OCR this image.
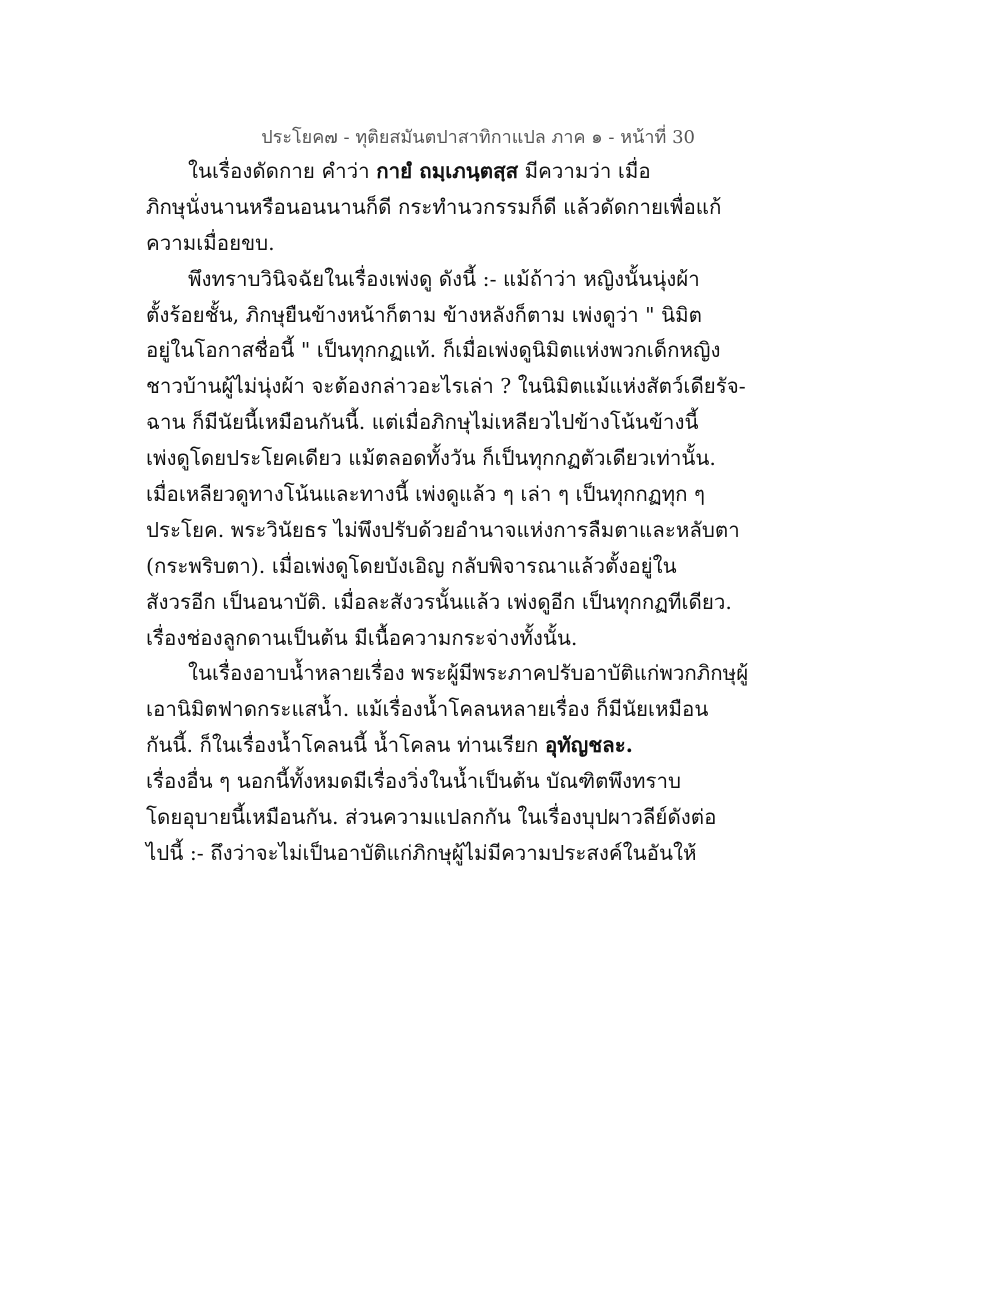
ประโยค๗ - ทุติยสมันตปาสาทิกาแปล ภาค ๑ - หน้าที่ 30
ในเรื่องดัดกาย คำว่า กายํ ถมฺเภนฺตสฺส มีความว่า เมื่อ
ภิกษุนั่งนานหรือนอนนานก็ดี กระทำนวกรรมก็ดี แล้วดัดกายเพื่อแก้
ความเมื่อยขบ.
พึงทราบวินิจฉัยในเรื่องเพ่งดู ดังนี้ :- แม้ถ้าว่า หญิงนั้นนุ่งผ้า
ตั้งร้อยชั้น, ภิกษุยืนข้างหน้าก็ตาม ข้างหลังก็ตาม เพ่งดูว่า " นิมิต
อยู่ในโอกาสชื่อนี้ " เป็นทุกกฏแท้. ก็เมื่อเพ่งดูนิมิตแห่งพวกเด็กหญิง
ชาวบ้านผู้ไม่นุ่งผ้า จะต้องกล่าวอะไรเล่า ? ในนิมิตแม้แห่งสัตว์เดียรัจ-
ฉาน ก็มีนัยนี้เหมือนกันนี้. แต่เมื่อภิกษุไม่เหลียวไปข้างโน้นข้างนี้
เพ่งดูโดยประโยคเดียว แม้ตลอดทั้งวัน ก็เป็นทุกกฏตัวเดียวเท่านั้น.
เมื่อเหลียวดูทางโน้นและทางนี้ เพ่งดูแล้ว ๆ เล่า ๆ เป็นทุกกฏทุก ๆ
ประโยค. พระวินัยธร ไม่พึงปรับด้วยอำนาจแห่งการลืมตาและหลับตา
(กระพริบตา). เมื่อเพ่งดูโดยบังเอิญ กลับพิจารณาแล้วตั้งอยู่ใน
สังวรอีก เป็นอนาบัติ. เมื่อละสังวรนั้นแล้ว เพ่งดูอีก เป็นทุกกฏทีเดียว.
เรื่องช่องลูกดานเป็นต้น มีเนื้อความกระจ่างทั้งนั้น.
ในเรื่องอาบน้ำหลายเรื่อง พระผู้มีพระภาคปรับอาบัติแก่พวกภิกษุผู้
เอานิมิตฟาดกระแสน้ำ. แม้เรื่องน้ำโคลนหลายเรื่อง ก็มีนัยเหมือน
กันนี้. ก็ในเรื่องน้ำโคลนนี้ น้ำโคลน ท่านเรียก อุทัญชละ.
เรื่องอื่น ๆ นอกนี้ทั้งหมดมีเรื่องวิ่งในน้ำเป็นต้น บัณฑิตพึงทราบ
โดยอุบายนี้เหมือนกัน. ส่วนความแปลกกัน ในเรื่องบุปผาวลีย์ดังต่อ
ไปนี้ :- ถึงว่าจะไม่เป็นอาบัติแก่ภิกษุผู้ไม่มีความประสงค์ในอันให้
